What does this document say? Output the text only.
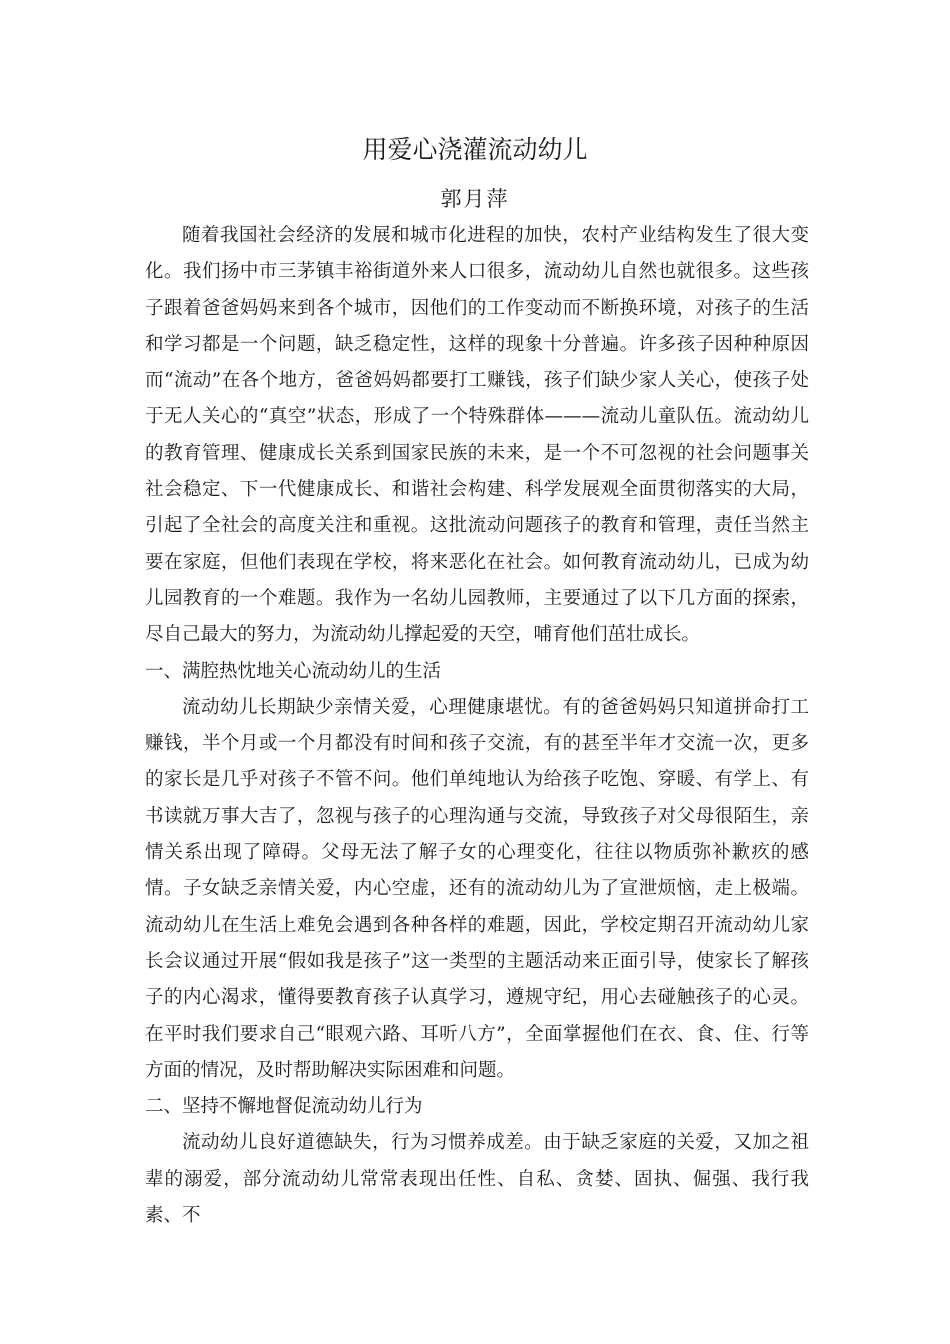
用爱心浇灌流动幼儿
郭月萍

随着我国社会经济的发展和城市化进程的加快，农村产业结构发生了很大变化。我们扬中市三茅镇丰裕街道外来人口很多，流动幼儿自然也就很多。这些孩子跟着爸爸妈妈来到各个城市，因他们的工作变动而不断换环境，对孩子的生活和学习都是一个问题，缺乏稳定性，这样的现象十分普遍。许多孩子因种种原因而“流动”在各个地方，爸爸妈妈都要打工赚钱，孩子们缺少家人关心，使孩子处于无人关心的“真空”状态，形成了一个特殊群体———流动儿童队伍。流动幼儿的教育管理、健康成长关系到国家民族的未来，是一个不可忽视的社会问题事关社会稳定、下一代健康成长、和谐社会构建、科学发展观全面贯彻落实的大局，引起了全社会的高度关注和重视。这批流动问题孩子的教育和管理，责任当然主要在家庭，但他们表现在学校，将来恶化在社会。如何教育流动幼儿，已成为幼儿园教育的一个难题。我作为一名幼儿园教师，主要通过了以下几方面的探索，尽自己最大的努力，为流动幼儿撑起爱的天空，哺育他们茁壮成长。

一、满腔热忱地关心流动幼儿的生活

流动幼儿长期缺少亲情关爱，心理健康堪忧。有的爸爸妈妈只知道拼命打工赚钱，半个月或一个月都没有时间和孩子交流，有的甚至半年才交流一次，更多的家长是几乎对孩子不管不问。他们单纯地认为给孩子吃饱、穿暖、有学上、有书读就万事大吉了，忽视与孩子的心理沟通与交流，导致孩子对父母很陌生，亲情关系出现了障碍。父母无法了解子女的心理变化，往往以物质弥补歉疚的感情。子女缺乏亲情关爱，内心空虚，还有的流动幼儿为了宣泄烦恼，走上极端。流动幼儿在生活上难免会遇到各种各样的难题，因此，学校定期召开流动幼儿家长会议通过开展“假如我是孩子”这一类型的主题活动来正面引导，使家长了解孩子的内心渴求，懂得要教育孩子认真学习，遵规守纪，用心去碰触孩子的心灵。在平时我们要求自己“眼观六路、耳听八方”，全面掌握他们在衣、食、住、行等方面的情况，及时帮助解决实际困难和问题。

二、坚持不懈地督促流动幼儿行为

流动幼儿良好道德缺失，行为习惯养成差。由于缺乏家庭的关爱，又加之祖辈的溺爱，部分流动幼儿常常表现出任性、自私、贪婪、固执、倔强、我行我素、不
